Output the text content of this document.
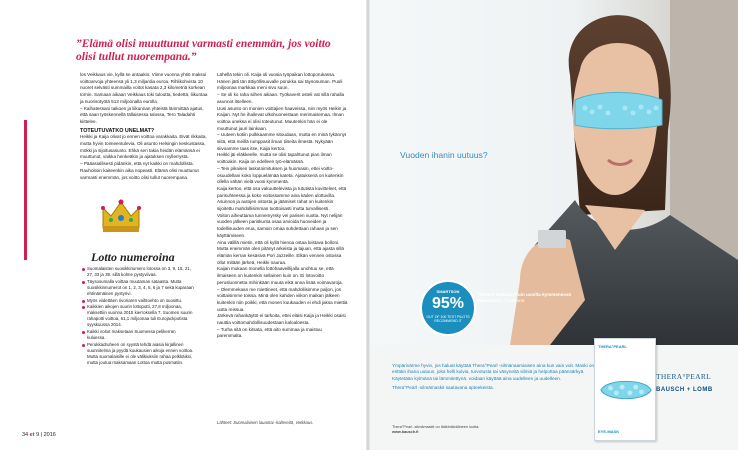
”Elämä olisi muuttunut varmasti enemmän, jos voitto olisi tullut nuorempana.”

los Veikkaus vie, kyllä se antaakin. Viime vuonna yhtiö maksoi voittoarvoja yhteensä yli 1,3 miljardia euroa. Rihlikohvista 10 nuoret selvästi summailla voitot kasata 2,3 kilometriä korkean tornin. Samaan aikaan Veikkaus toki tuloutta, tiedettä, liikuntaa ja nuorisotyötä 513 miljoonalla eurolla.

– Kaihatessani taikoen ja liikunnan yhteistä lämmittää ajatus, että saan työskennellä tällaisessa talossa, Tero Taladahti kiittelee.

TOTEUTUVATKO UNELMAT?

Heikki ja Kaija olivat jo ennen voittoa varakkaita. Eivät rikkaita, mutta hyvin toimeentulevia. Oli asunto Helsingin keskustassa, mökki ja sijoitusasunto. Ehkä sen takia heidän elämänsä ei muuttunut, vaikka henkeäkin ja ajatuksen myllerrystä.

– Pääasiallisesti pidänkin, että nyt kaikki on mahdollista. Rauhoitoin kaiteenkin aika nopeasti. Elämä olisi muuttunut varmasti enemmän, jos voitto olisi tullut nuorempana.

Lotto numeroina
Suomalaisten suosikkinumero lotossa on 3, 9, 15, 21, 27, 33 ja 39. sillä kolme pystyviivaa.
Täysosumalla voittaa muutaman sataasta. Mutta suosikkinnumerot on 1, 2, 3, 4, 5, 6 ja 7 sekä kuparaan ehtinämäinen pystyrivi.
Myös viidettäen rivoriaren vaihtoehto on suosittu.
Kaikkien aikojen suurin lottopotti, 27,8 miljoonaa, maksettiin vuonna 2015 kierroksella 7. Suomen suurin rahapotti voittoa, 61,1 miljoonaa tuli Eurojackpotista syyskuussa 2014.
Kaikki voitot maksetaan Suomessa pelikerran kuluessa.
Perukkadruheen on syystä tehdä aiasia kirjallinen suunnitelma ja pyydä kuukausien aikoja ennen voittoa. Mutta suomalaisille ei ole välikiuksiin rahaa pelkkäiksi, mutta joutua maksamaan Lottoa mutta pusmatiin.

Lähellä tekin oli. Kaija oli vuosia työpaikan lottoporukassa. Hänen jätti tän ättiyöllisuuvalle porukka sai täysosuman. Puoli miljoonaa markkaa meni sivu suun.

– Se oli ko raha siihen aikaan. Työkaverit osteli vat sillä rahalla asunnot itselleen.

Uusi asunto on monien voittajien haaveissa, niin myös Heikin ja Kaijan. Nyt he ihailevat ulkohuoneistaan merimaisemaa. Ilman voittoa uneksa ei olisi toteutunut. Muutenkin hän ei ole muuttunut juuri lainkaan.

– Uuteen kotiin pulkkaamme sitoudaan, mutta en minä tykännyt siitä, että meillä rumppasit ilman tiiseita ilmestä. Nykyään siivoamme taas itse, Kaija kertoo.

Heikki jäi eläkkeelle, mutta se olisi tapahtunut pian ilman voittoakin. Kaija on edelleen työ-elämässä.

– Tein pikaisen laskutoimituksen ja huomasin, ettei voitto-osuudellani koko loppuelämää kateta. Ajatuksenä on kuitenkin ollella vähän vielä vuosi kymmentä.

Kaija kertoo, että osa vakuuttelevista ja tututista kuvitteleet, että parisuhteessa ja koko voitossamme aina käden ulottuvilla. Asunnon ja autojen ostosta ja jäämiset rahat on kuitenkin sijoitettu mahdollisimman tuottoisasti mutta turvallisesti.

Voiton aiheuttama tunnemyrsky vei parisen vuotta. Nyt nelijän vuoden jälkeen pariskunta osaa arvioida huoveiden ja todellisuuden erua, samoin omaa suhdettaan rahaan ja sen käyttämiseen.

Aina välillä mietin, että oli kyllä hienoa ostaa loistava bolloni. Mutta enemmän olen pitänyt arkeista ja tajuan, että ajasta sillä elämän kerran kesäsivä Pori Jazzeille. Elkän vennen ostossa ollut mitään järkeä, Heikki nauraa.

Kaijan mukaan monella lottohaaveillijalla unohtuu se, että ilmaiseen on kuitenkin sellainen kuin on. Ei lotovoitto perusluonnetta mihinkään muuta eikä anna lisää voimavaroja.

– Olemmekaan me miettineet, että mahdollisimme paljon, jos voittaisimme toissa. Minä olen kahden viikon maikan jälkeen kuitenkin niin poikki, että monen kuukauden ei ehdi jaksa miettiä uutta reissua.

Järkevä rahankäyttö ei tarkoita, ettei eläisi Kaija ja Heikki osaisi nauttia voittomahdollisuudestaan kaloaloesta.

– Turha sitä on kitsata, että aito summaa ja maistuu paremmalta.

Lähteet: Suomalainen lauantai -kaltereitä, Veikkaus.
34 et 9 | 2016
Vuoden ihanin uutuus?
SMARTSON
95%
OUT OF 100 TEST PILOTS RECOMMEND IT
”Kasvot tuntuvat kuin uusilta kymmenessä minuutissa.” Katariina

Ympärivärme hyvin, jos haluat käyttää Thera°Pearl -silmänaamiaisen aina kun vain voit. Maski on erittäin ihana uutuus, joka helli kulvia, turvotusta tai väsyneitä silmiä ja helpottaa päänsärkyä. Käytetään kylmänä tai lämmitettynä, voidaan käyttää aina uudelleen ja uudelleen.

Thera°Pearl -silmämaskit saatavana apteekeista.

Thera°Pearl -silmämaskit on lääkintävälineen luotta.
www.bausch.fi
THERA°PEARL
EYE-MASK
THERA°PEARL
BAUSCH + LOMB
